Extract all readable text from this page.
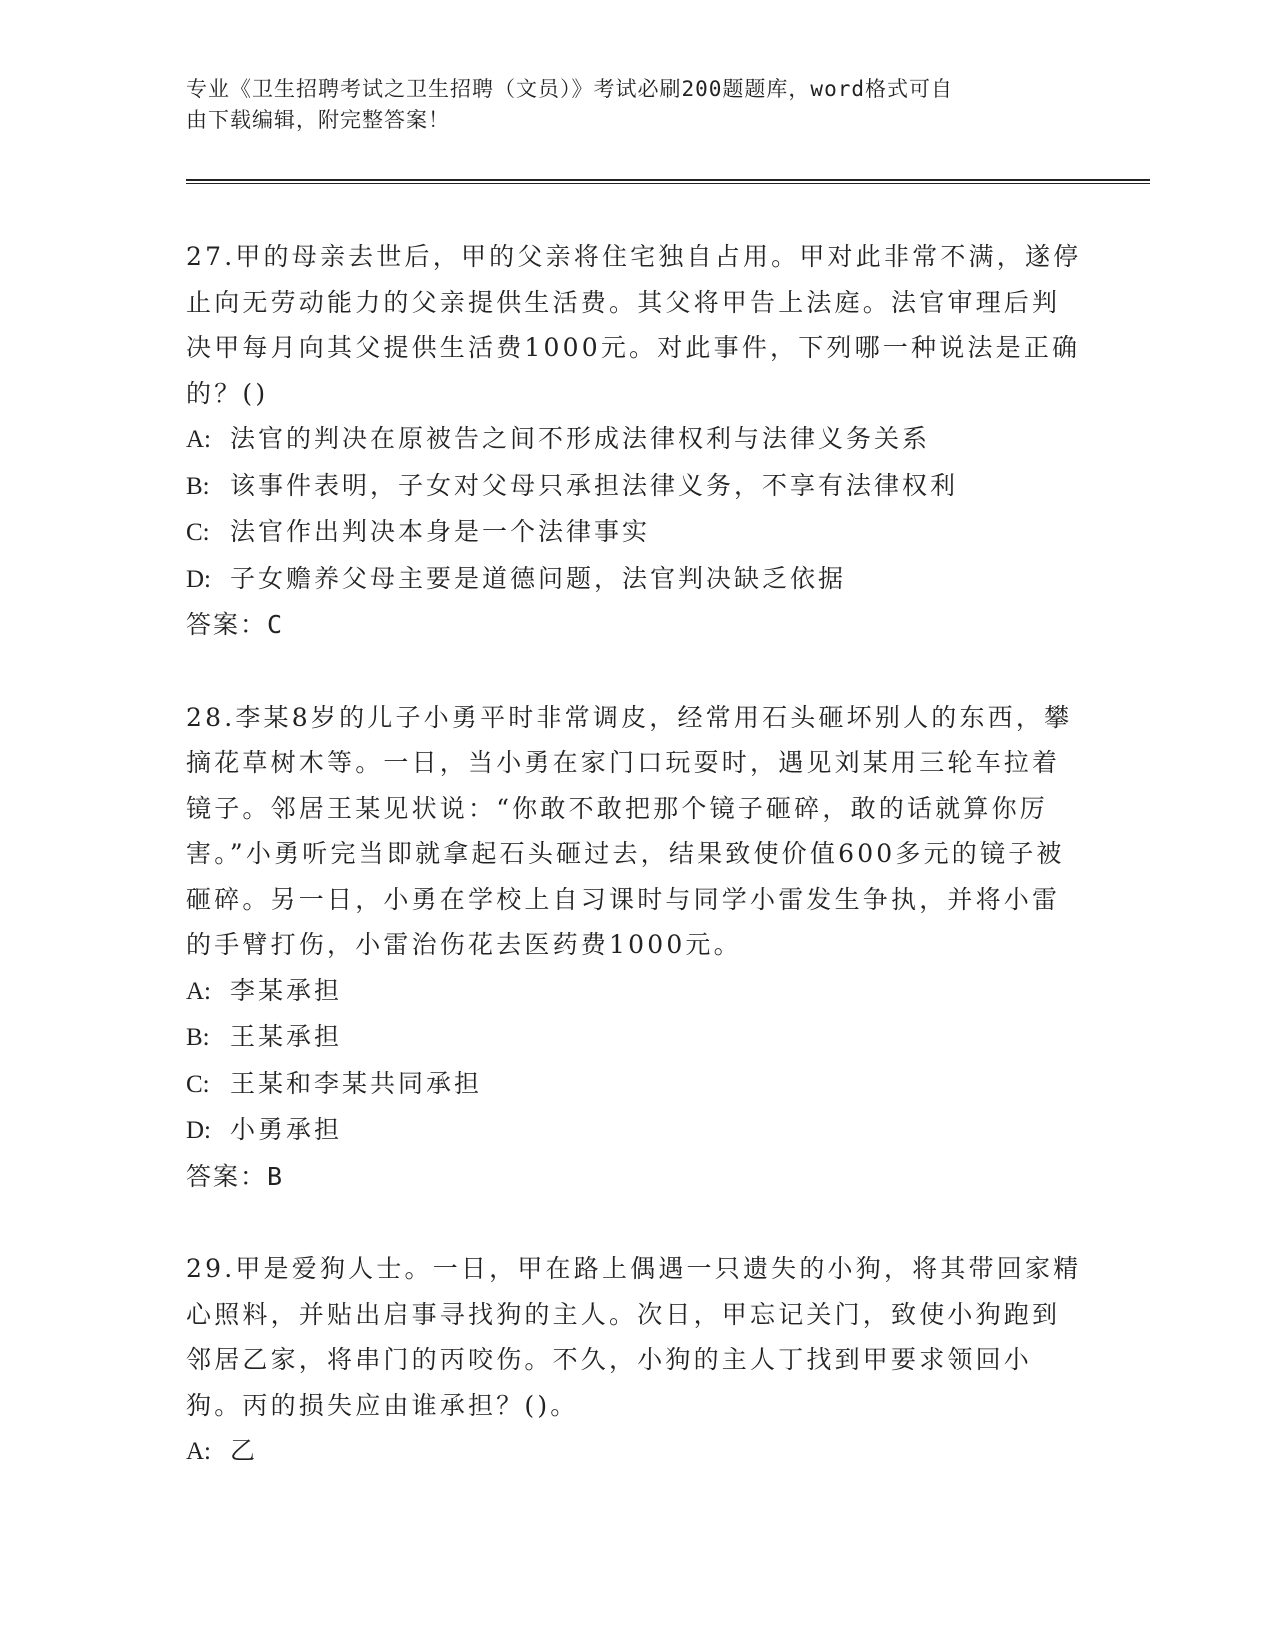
专业《卫生招聘考试之卫生招聘（文员）》考试必刷200题题库，word格式可自
由下载编辑，附完整答案！

27.甲的母亲去世后，甲的父亲将住宅独自占用。甲对此非常不满，遂停止向无劳动能力的父亲提供生活费。其父将甲告上法庭。法官审理后判决甲每月向其父提供生活费1000元。对此事件，下列哪一种说法是正确的？()

A: 法官的判决在原被告之间不形成法律权利与法律义务关系

B: 该事件表明，子女对父母只承担法律义务，不享有法律权利

C: 法官作出判决本身是一个法律事实

D: 子女赡养父母主要是道德问题，法官判决缺乏依据

答案：C

28.李某8岁的儿子小勇平时非常调皮，经常用石头砸坏别人的东西，攀摘花草树木等。一日，当小勇在家门口玩耍时，遇见刘某用三轮车拉着镜子。邻居王某见状说：“你敢不敢把那个镜子砸碎，敢的话就算你厉害。”小勇听完当即就拿起石头砸过去，结果致使价值600多元的镜子被砸碎。另一日，小勇在学校上自习课时与同学小雷发生争执，并将小雷的手臂打伤，小雷治伤花去医药费1000元。

A: 李某承担

B: 王某承担

C: 王某和李某共同承担

D: 小勇承担

答案：B

29.甲是爱狗人士。一日，甲在路上偶遇一只遗失的小狗，将其带回家精心照料，并贴出启事寻找狗的主人。次日，甲忘记关门，致使小狗跑到邻居乙家，将串门的丙咬伤。不久，小狗的主人丁找到甲要求领回小狗。丙的损失应由谁承担？()。

A: 乙
